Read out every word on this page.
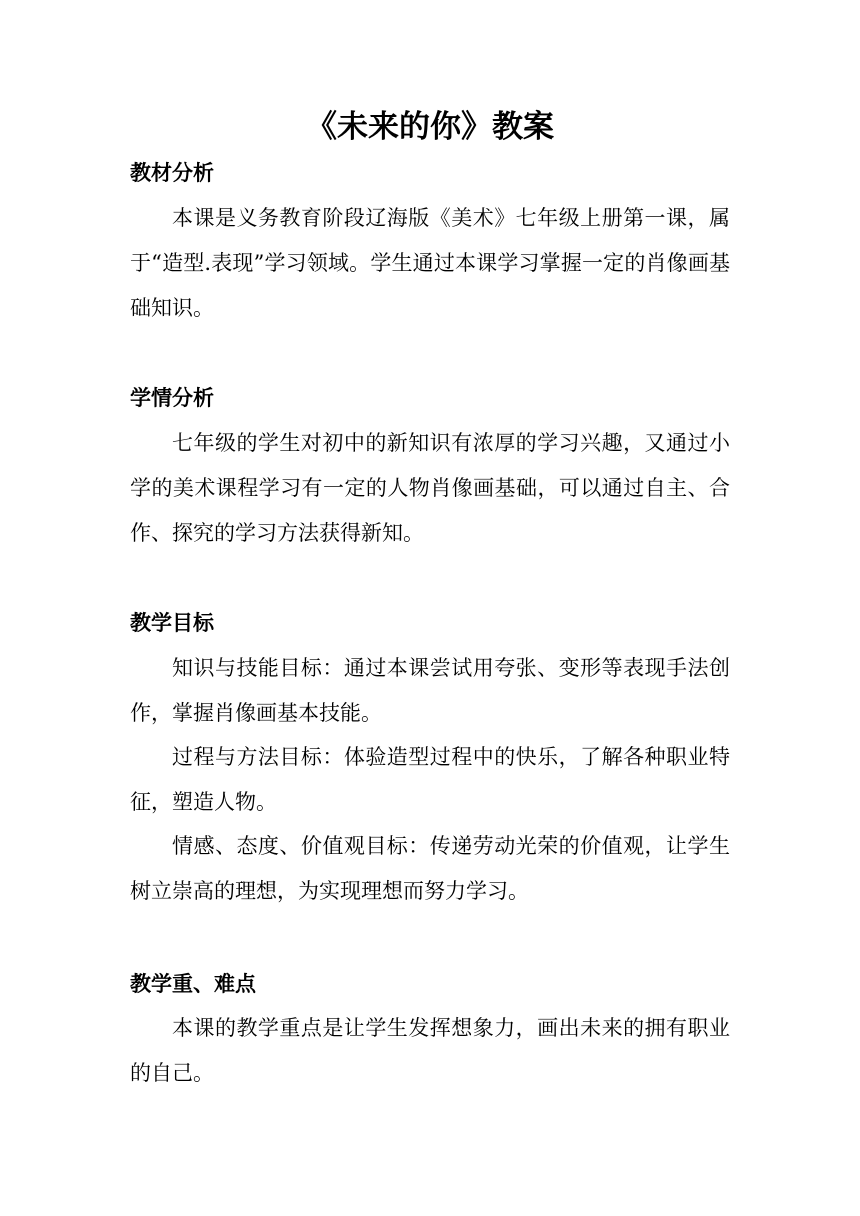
《未来的你》教案
教材分析

本课是义务教育阶段辽海版《美术》七年级上册第一课，属于“造型.表现”学习领域。学生通过本课学习掌握一定的肖像画基础知识。

学情分析

七年级的学生对初中的新知识有浓厚的学习兴趣，又通过小学的美术课程学习有一定的人物肖像画基础，可以通过自主、合作、探究的学习方法获得新知。

教学目标

知识与技能目标：通过本课尝试用夸张、变形等表现手法创作，掌握肖像画基本技能。

过程与方法目标：体验造型过程中的快乐，了解各种职业特征，塑造人物。

情感、态度、价值观目标：传递劳动光荣的价值观，让学生树立崇高的理想，为实现理想而努力学习。

教学重、难点

本课的教学重点是让学生发挥想象力，画出未来的拥有职业的自己。
